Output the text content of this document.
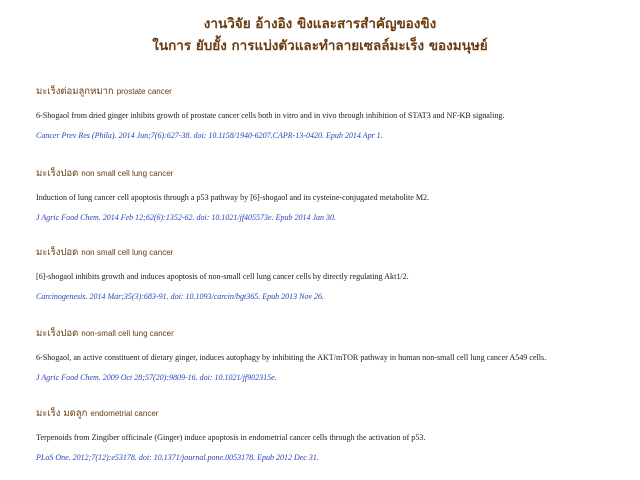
งานวิจัย อ้างอิง ขิงและสารสำคัญของขิง
ในการ ยับยั้ง การแบ่งตัวและทำลายเซลล์มะเร็ง ของมนุษย์
มะเร็งต่อมลูกหมาก prostate cancer
6-Shogaol from dried ginger inhibits growth of prostate cancer cells both in vitro and in vivo through inhibition of STAT3 and NF-KB signaling.
Cancer Prev Res (Phila). 2014 Jun;7(6):627-38. doi: 10.1158/1940-6207.CAPR-13-0420. Epub 2014 Apr 1.
มะเร็งปอด non small cell lung cancer
Induction of lung cancer cell apoptosis through a p53 pathway by [6]-shogaol and its cysteine-conjugated metabolite M2.
J Agric Food Chem. 2014 Feb 12;62(6):1352-62. doi: 10.1021/jf405573e. Epub 2014 Jan 30.
มะเร็งปอด non small cell lung cancer
[6]-shogaol inhibits growth and induces apoptosis of non-small cell lung cancer cells by directly regulating Akt1/2.
Carcinogenesis. 2014 Mar;35(3):683-91. doi: 10.1093/carcin/bgt365. Epub 2013 Nov 26.
มะเร็งปอด non-small cell lung cancer
6-Shogaol, an active constituent of dietary ginger, induces autophagy by inhibiting the AKT/mTOR pathway in human non-small cell lung cancer A549 cells.
J Agric Food Chem. 2009 Oct 28;57(20):9809-16. doi: 10.1021/jf902315e.
มะเร็ง มดลูก endometrial cancer
Terpenoids from Zingiber officinale (Ginger) induce apoptosis in endometrial cancer cells through the activation of p53.
PLoS One. 2012;7(12):e53178. doi: 10.1371/journal.pone.0053178. Epub 2012 Dec 31.
